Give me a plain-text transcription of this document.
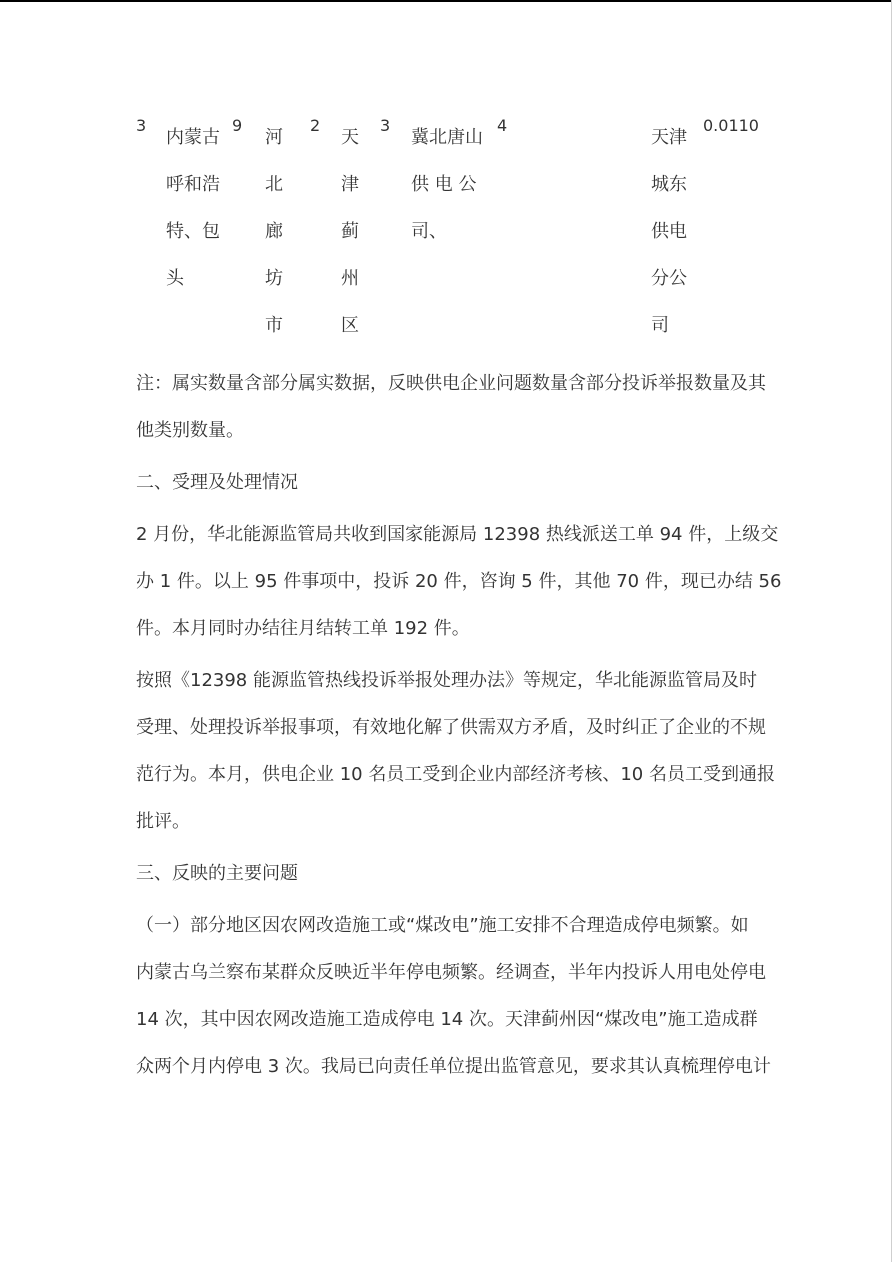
3
内蒙古
呼和浩
特、包
头
9
河
北
廊
坊
市
2
天
津
蓟
州
区
3
冀北唐山
供 电 公
司、
4
天津
城东
供电
分公
司
0.0110
注：属实数量含部分属实数据，反映供电企业问题数量含部分投诉举报数量及其
他类别数量。
二、受理及处理情况
2 月份，华北能源监管局共收到国家能源局 12398 热线派送工单 94 件，上级交
办 1 件。以上 95 件事项中，投诉 20 件，咨询 5 件，其他 70 件，现已办结 56
件。本月同时办结往月结转工单 192 件。
按照《12398 能源监管热线投诉举报处理办法》等规定，华北能源监管局及时
受理、处理投诉举报事项，有效地化解了供需双方矛盾，及时纠正了企业的不规
范行为。本月，供电企业 10 名员工受到企业内部经济考核、10 名员工受到通报
批评。
三、反映的主要问题
（一）部分地区因农网改造施工或“煤改电”施工安排不合理造成停电频繁。如
内蒙古乌兰察布某群众反映近半年停电频繁。经调查，半年内投诉人用电处停电
14 次，其中因农网改造施工造成停电 14 次。天津蓟州因“煤改电”施工造成群
众两个月内停电 3 次。我局已向责任单位提出监管意见，要求其认真梳理停电计
